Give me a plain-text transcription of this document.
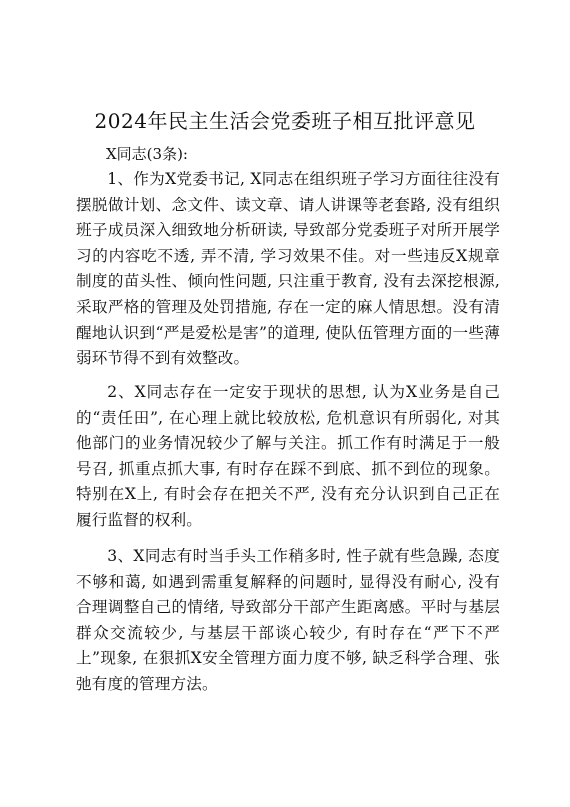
2024年民主生活会党委班子相互批评意见

X同志(3条):

1、作为X党委书记, X同志在组织班子学习方面往往没有摆脱做计划、念文件、读文章、请人讲课等老套路, 没有组织班子成员深入细致地分析研读, 导致部分党委班子对所开展学习的内容吃不透, 弄不清, 学习效果不佳。对一些违反X规章制度的苗头性、倾向性问题, 只注重于教育, 没有去深挖根源, 采取严格的管理及处罚措施, 存在一定的麻人情思想。没有清醒地认识到“严是爱松是害”的道理, 使队伍管理方面的一些薄弱环节得不到有效整改。

2、X同志存在一定安于现状的思想, 认为X业务是自己的“责任田”, 在心理上就比较放松, 危机意识有所弱化, 对其他部门的业务情况较少了解与关注。抓工作有时满足于一般号召, 抓重点抓大事, 有时存在踩不到底、抓不到位的现象。特别在X上, 有时会存在把关不严, 没有充分认识到自己正在履行监督的权利。

3、X同志有时当手头工作稍多时, 性子就有些急躁, 态度不够和蔼, 如遇到需重复解释的问题时, 显得没有耐心, 没有合理调整自己的情绪, 导致部分干部产生距离感。平时与基层群众交流较少, 与基层干部谈心较少, 有时存在“严下不严上”现象, 在狠抓X安全管理方面力度不够, 缺乏科学合理、张弛有度的管理方法。
